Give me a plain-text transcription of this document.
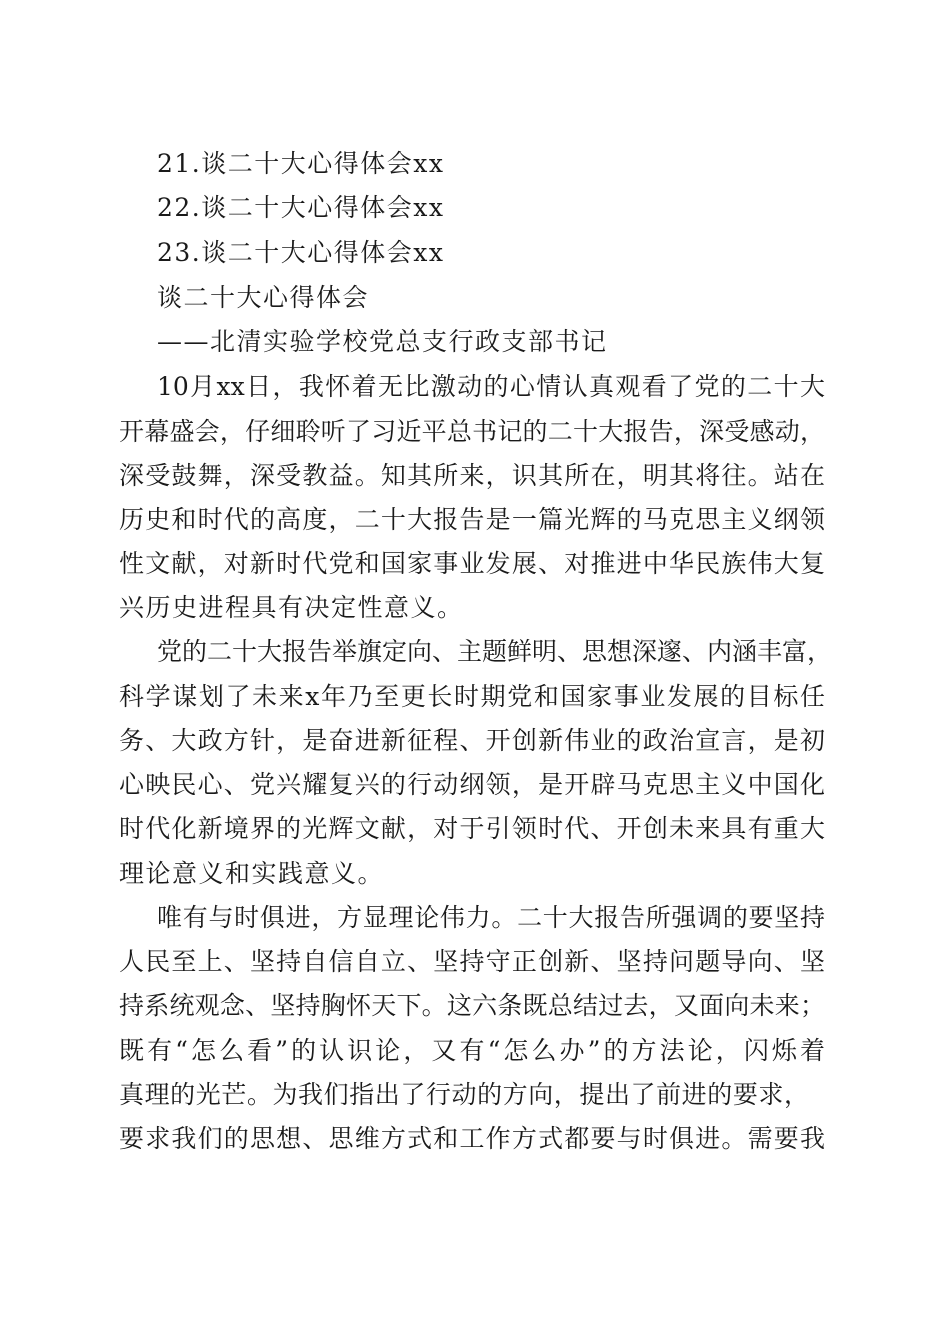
21.谈二十大心得体会xx
22.谈二十大心得体会xx
23.谈二十大心得体会xx
谈二十大心得体会
——北清实验学校党总支行政支部书记
10月xx日，我怀着无比激动的心情认真观看了党的二十大
开幕盛会，仔细聆听了习近平总书记的二十大报告，深受感动，
深受鼓舞，深受教益。知其所来，识其所在，明其将往。站在
历史和时代的高度，二十大报告是一篇光辉的马克思主义纲领
性文献，对新时代党和国家事业发展、对推进中华民族伟大复
兴历史进程具有决定性意义。
党的二十大报告举旗定向、主题鲜明、思想深邃、内涵丰富，
科学谋划了未来x年乃至更长时期党和国家事业发展的目标任
务、大政方针，是奋进新征程、开创新伟业的政治宣言，是初
心映民心、党兴耀复兴的行动纲领，是开辟马克思主义中国化
时代化新境界的光辉文献，对于引领时代、开创未来具有重大
理论意义和实践意义。
唯有与时俱进，方显理论伟力。二十大报告所强调的要坚持
人民至上、坚持自信自立、坚持守正创新、坚持问题导向、坚
持系统观念、坚持胸怀天下。这六条既总结过去，又面向未来；
既有“怎么看”的认识论，又有“怎么办”的方法论，闪烁着
真理的光芒。为我们指出了行动的方向，提出了前进的要求，
要求我们的思想、思维方式和工作方式都要与时俱进。需要我
